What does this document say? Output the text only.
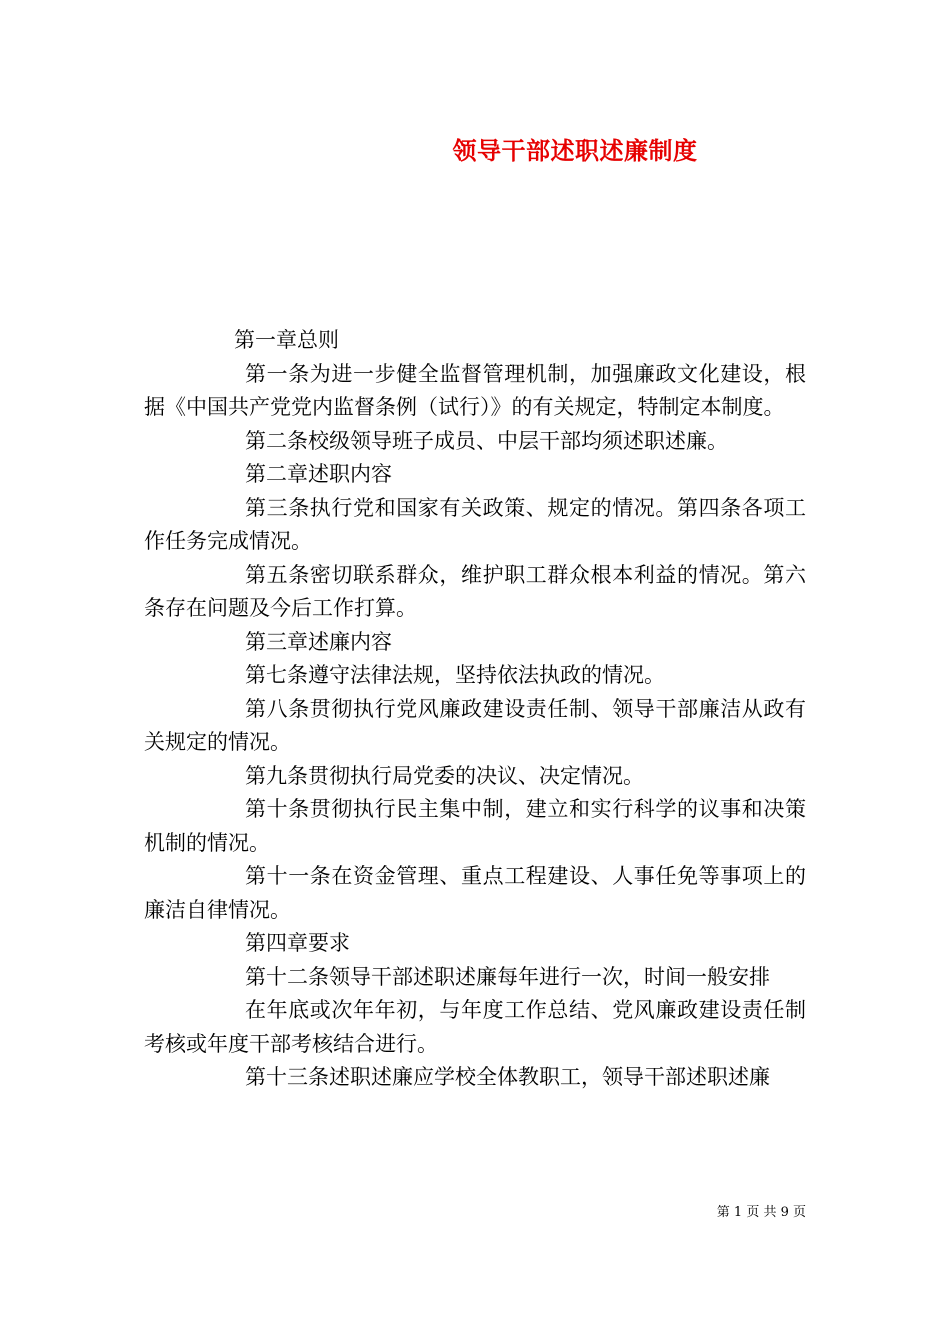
领导干部述职述廉制度

第一章总则

第一条为进一步健全监督管理机制，加强廉政文化建设，根据《中国共产党党内监督条例（试行）》的有关规定，特制定本制度。

第二条校级领导班子成员、中层干部均须述职述廉。

第二章述职内容

第三条执行党和国家有关政策、规定的情况。第四条各项工作任务完成情况。

第五条密切联系群众，维护职工群众根本利益的情况。第六条存在问题及今后工作打算。

第三章述廉内容

第七条遵守法律法规，坚持依法执政的情况。

第八条贯彻执行党风廉政建设责任制、领导干部廉洁从政有关规定的情况。

第九条贯彻执行局党委的决议、决定情况。

第十条贯彻执行民主集中制，建立和实行科学的议事和决策机制的情况。

第十一条在资金管理、重点工程建设、人事任免等事项上的廉洁自律情况。

第四章要求

第十二条领导干部述职述廉每年进行一次，时间一般安排

在年底或次年年初，与年度工作总结、党风廉政建设责任制考核或年度干部考核结合进行。

第十三条述职述廉应学校全体教职工，领导干部述职述廉

第 1 页 共 9 页
